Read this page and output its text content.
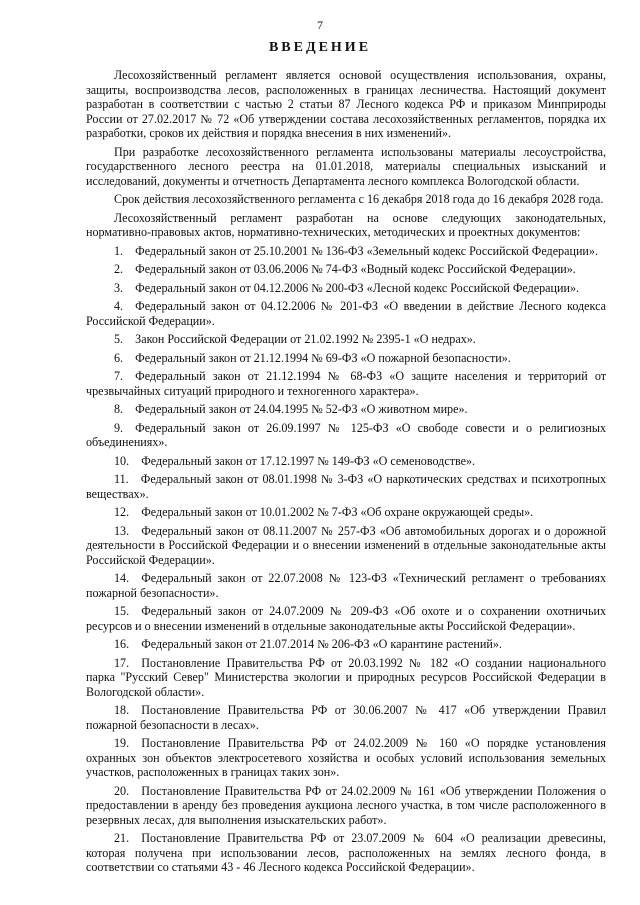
7
ВВЕДЕНИЕ

Лесохозяйственный регламент является основой осуществления использования, охраны, защиты, воспроизводства лесов, расположенных в границах лесничества. Настоящий документ разработан в соответствии с частью 2 статьи 87 Лесного кодекса РФ и приказом Минприроды России от 27.02.2017 № 72 «Об утверждении состава лесохозяйственных регламентов, порядка их разработки, сроков их действия и порядка внесения в них изменений».

При разработке лесохозяйственного регламента использованы материалы лесоустройства, государственного лесного реестра на 01.01.2018, материалы специальных изысканий и исследований, документы и отчетность Департамента лесного комплекса Вологодской области.

Срок действия лесохозяйственного регламента с 16 декабря 2018 года до 16 декабря 2028 года.

Лесохозяйственный регламент разработан на основе следующих законодательных, нормативно-правовых актов, нормативно-технических, методических и проектных документов:

1. Федеральный закон от 25.10.2001 № 136-ФЗ «Земельный кодекс Российской Федерации».

2. Федеральный закон от 03.06.2006 № 74-ФЗ «Водный кодекс Российской Федерации».

3. Федеральный закон от 04.12.2006 № 200-ФЗ «Лесной кодекс Российской Федерации».

4. Федеральный закон от 04.12.2006 № 201-ФЗ «О введении в действие Лесного кодекса Российской Федерации».

5. Закон Российской Федерации от 21.02.1992 № 2395-1 «О недрах».

6. Федеральный закон от 21.12.1994 № 69-ФЗ «О пожарной безопасности».

7. Федеральный закон от 21.12.1994 № 68-ФЗ «О защите населения и территорий от чрезвычайных ситуаций природного и техногенного характера».

8. Федеральный закон от 24.04.1995 № 52-ФЗ «О животном мире».

9. Федеральный закон от 26.09.1997 № 125-ФЗ «О свободе совести и о религиозных объединениях».

10. Федеральный закон от 17.12.1997 № 149-ФЗ «О семеноводстве».

11. Федеральный закон от 08.01.1998 № 3-ФЗ «О наркотических средствах и психотропных веществах».

12. Федеральный закон от 10.01.2002 № 7-ФЗ «Об охране окружающей среды».

13. Федеральный закон от 08.11.2007 № 257-ФЗ «Об автомобильных дорогах и о дорожной деятельности в Российской Федерации и о внесении изменений в отдельные законодательные акты Российской Федерации».

14. Федеральный закон от 22.07.2008 № 123-ФЗ «Технический регламент о требованиях пожарной безопасности».

15. Федеральный закон от 24.07.2009 № 209-ФЗ «Об охоте и о сохранении охотничьих ресурсов и о внесении изменений в отдельные законодательные акты Российской Федерации».

16. Федеральный закон от 21.07.2014 № 206-ФЗ «О карантине растений».

17. Постановление Правительства РФ от 20.03.1992 № 182 «О создании национального парка "Русский Север" Министерства экологии и природных ресурсов Российской Федерации в Вологодской области».

18. Постановление Правительства РФ от 30.06.2007 № 417 «Об утверждении Правил пожарной безопасности в лесах».

19. Постановление Правительства РФ от 24.02.2009 № 160 «О порядке установления охранных зон объектов электросетевого хозяйства и особых условий использования земельных участков, расположенных в границах таких зон».

20. Постановление Правительства РФ от 24.02.2009 № 161 «Об утверждении Положения о предоставлении в аренду без проведения аукциона лесного участка, в том числе расположенного в резервных лесах, для выполнения изыскательских работ».

21. Постановление Правительства РФ от 23.07.2009 № 604 «О реализации древесины, которая получена при использовании лесов, расположенных на землях лесного фонда, в соответствии со статьями 43 - 46 Лесного кодекса Российской Федерации».
